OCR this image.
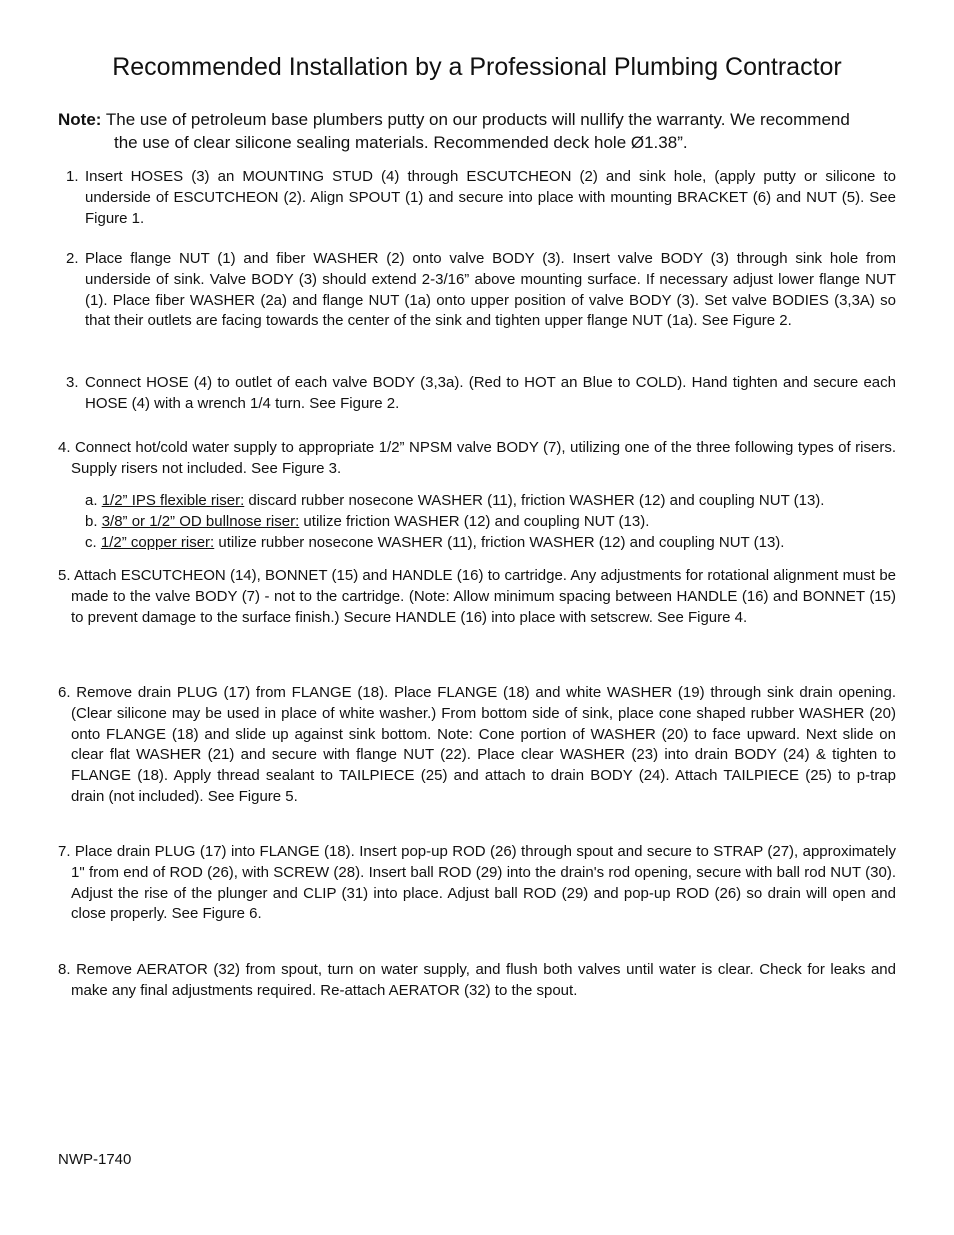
Recommended Installation by a Professional Plumbing Contractor

Note: The use of petroleum base plumbers putty on our products will nullify the warranty. We recommend
the use of clear silicone sealing materials. Recommended deck hole Ø1.38”.

1. Insert HOSES (3) an MOUNTING STUD (4) through ESCUTCHEON (2) and sink hole, (apply putty or silicone to underside of ESCUTCHEON (2). Align SPOUT (1) and secure into place with mounting BRACKET (6) and NUT (5). See Figure 1.

2. Place flange NUT (1) and fiber WASHER (2) onto valve BODY (3). Insert valve BODY (3) through sink hole from underside of sink. Valve BODY (3) should extend 2-3/16” above mounting surface. If necessary adjust lower flange NUT (1). Place fiber WASHER (2a) and flange NUT (1a) onto upper position of valve BODY (3). Set valve BODIES (3,3A) so that their outlets are facing towards the center of the sink and tighten upper flange NUT (1a). See Figure 2.

3. Connect HOSE (4) to outlet of each valve BODY (3,3a). (Red to HOT an Blue to COLD). Hand tighten and secure each HOSE (4) with a wrench 1/4 turn. See Figure 2.

4. Connect hot/cold water supply to appropriate 1/2” NPSM valve BODY (7), utilizing one of the three following types of risers. Supply risers not included. See Figure 3.

a. 1/2” IPS flexible riser: discard rubber nosecone WASHER (11), friction WASHER (12) and coupling NUT (13).
b. 3/8” or 1/2” OD bullnose riser: utilize friction WASHER (12) and coupling NUT (13).
c. 1/2” copper riser: utilize rubber nosecone WASHER (11), friction WASHER (12) and coupling NUT (13).

5. Attach ESCUTCHEON (14), BONNET (15) and HANDLE (16) to cartridge. Any adjustments for rotational alignment must be made to the valve BODY (7) - not to the cartridge. (Note: Allow minimum spacing between HANDLE (16) and BONNET (15) to prevent damage to the surface finish.) Secure HANDLE (16) into place with setscrew. See Figure 4.

6. Remove drain PLUG (17) from FLANGE (18). Place FLANGE (18) and white WASHER (19) through sink drain opening. (Clear silicone may be used in place of white washer.) From bottom side of sink, place cone shaped rubber WASHER (20) onto FLANGE (18) and slide up against sink bottom. Note: Cone portion of WASHER (20) to face upward. Next slide on clear flat WASHER (21) and secure with flange NUT (22). Place clear WASHER (23) into drain BODY (24) & tighten to FLANGE (18). Apply thread sealant to TAILPIECE (25) and attach to drain BODY (24). Attach TAILPIECE (25) to p-trap drain (not included). See Figure 5.

7. Place drain PLUG (17) into FLANGE (18). Insert pop-up ROD (26) through spout and secure to STRAP (27), approximately 1" from end of ROD (26), with SCREW (28). Insert ball ROD (29) into the drain's rod opening, secure with ball rod NUT (30). Adjust the rise of the plunger and CLIP (31) into place. Adjust ball ROD (29) and pop-up ROD (26) so drain will open and close properly. See Figure 6.

8. Remove AERATOR (32) from spout, turn on water supply, and flush both valves until water is clear. Check for leaks and make any final adjustments required. Re-attach AERATOR (32) to the spout.

NWP-1740
